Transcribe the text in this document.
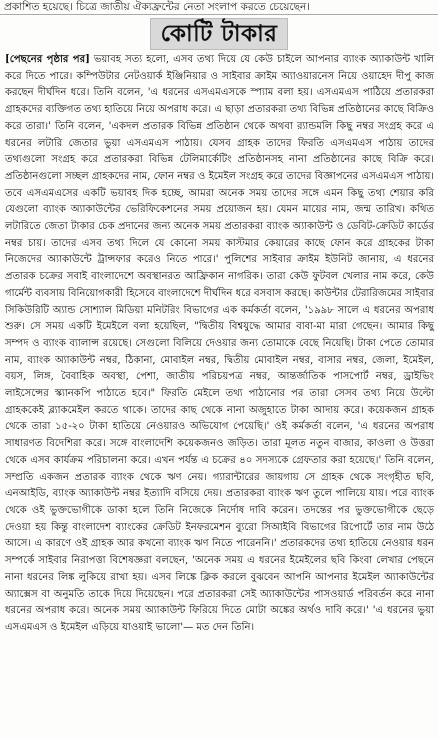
প্রকাশিত হয়েছে। চিত্রে জাতীয় ঐক্যফ্রন্টের নেতা সংলাপ করতে চেয়েছেন।
কোটি টাকার
[পেছনের পৃষ্ঠার পর] ভয়াবহ সত্য হলো, এসব তথ্য দিয়ে যে কেউ চাইলে আপনার ব্যাংক অ্যাকাউন্ট খালি করে দিতে পারে। কম্পিউটার নেটওয়ার্ক ইঞ্জিনিয়ার ও সাইবার ক্রাইম অ্যাওয়ারনেস নিয়ে ওয়াহেদ দীপু কাজ করছেন দীর্ঘদিন ধরে। তিনি বলেন, 'এ ধরনের এসএমএসকে স্প্যাম বলা হয়। এসএমএস পাঠিয়ে প্রতারকরা গ্রাহকদের ব্যক্তিগত তথ্য হাতিয়ে নিয়ে অপরাধ করে। এ ছাড়া প্রতারকরা তথ্য বিভিন্ন প্রতিষ্ঠানের কাছে বিক্রিও করে তারা।' তিনি বলেন, 'একদল প্রতারক বিভিন্ন প্রতিষ্ঠান থেকে অথবা র‍্যান্ডমলি কিছু নম্বর সংগ্রহ করে এ ধরনের লটারি জেতার ভুয়া এসএমএস পাঠায়। যেসব গ্রাহক তাদের ফিরতি এসএমএস পাঠায় তাদের তথ্যগুলো সংগ্রহ করে প্রতারকরা বিভিন্ন টেলিমার্কেটিং প্রতিষ্ঠানসহ নানা প্রতিষ্ঠানের কাছে বিক্রি করে। প্রতিষ্ঠানগুলো সচ্ছল গ্রাহকদের নাম, ফোন নম্বর ও ইমেইল সংগ্রহ করে তাদের বিজ্ঞাপনের এসএমএস পাঠায়। তবে এসএমএসের একটি ভয়াবহ দিক হচ্ছে, আমরা অনেক সময় তাদের সঙ্গে এমন কিছু তথ্য শেয়ার করি যেগুলো ব্যাংক অ্যাকাউন্টের ভেরিফিকেশনের সময় প্রয়োজন হয়। যেমন মায়ের নাম, জন্ম তারিখ। কথিত লটারিতে জেতা টাকার চেক প্রদানের জন্য অনেক সময় প্রতারকরা ব্যাংক অ্যাকাউন্ট ও ডেবিট-ক্রেডিট কার্ডের নম্বর চায়। তাদের এসব তথ্য দিলে যে কোনো সময় কাস্টমার কেয়ারের কাছে ফোন করে গ্রাহকের টাকা নিজেদের অ্যাকাউন্টে ট্রান্সফার করেও নিতে পারে।' পুলিশের সাইবার ক্রাইম ইউনিট জানায়, এ ধরনের প্রতারক চক্রের সবাই বাংলাদেশে অবস্থানরত আফ্রিকান নাগরিক। তারা কেউ ফুটবল খেলার নাম করে, কেউ গার্মেন্ট ব্যবসায় বিনিয়োগকারী হিসেবে বাংলাদেশে দীর্ঘদিন ধরে বসবাস করছে। কাউন্টার টেরারিজমের সাইবার সিকিউরিটি অ্যান্ড সোশ্যাল মিডিয়া মনিটরিং বিভাগের এক কর্মকর্তা বলেন, '১৯৯৮ সালে এ ধরনের অপরাধ শুরু। সে সময় একটি ইমেইলে বলা হয়েছিল, "দ্বিতীয় বিশ্বযুদ্ধে আমার বাবা-মা মারা গেছেন। আমার কিছু সম্পদ ও ব্যাংক ব্যালান্স রয়েছে। সেগুলো বিলিয়ে দেওয়ার জন্য তোমাকে বেছে নিয়েছি। টাকা পেতে তোমার নাম, ব্যাংক অ্যাকাউন্ট নম্বর, ঠিকানা, মোবাইল নম্বর, দ্বিতীয় মোবাইল নম্বর, বাসার নম্বর, জেলা, ইমেইল, বয়স, লিঙ্গ, বৈবাহিক অবস্থা, পেশা, জাতীয় পরিচয়পত্র নম্বর, আন্তর্জাতিক পাসপোর্ট নম্বর, ড্রাইভিং লাইসেন্সের স্ক্যানকপি পাঠাতে হবে।" ফিরতি মেইলে তথ্য পাঠানোর পর তারা সেসব তথ্য নিয়ে উল্টো গ্রাহককেই ব্ল্যাকমেইল করতে থাকে। তাদের কাছ থেকে নানা অজুহাতে টাকা আদায় করে। কয়েকজন গ্রাহক থেকে তারা ১৫-২০ টাকা হাতিয়ে নেওয়ারও অভিযোগ পেয়েছি।' ওই কর্মকর্তা বলেন, 'এ ধরনের অপরাধ সাধারণত বিদেশিরা করে। সঙ্গে বাংলাদেশি কয়েকজনও জড়িত। তারা মূলত নতুন বাজার, কাওলা ও উত্তরা থেকে এসব কার্যক্রম পরিচালনা করে। এখন পর্যন্ত এ চক্রের ৪০ সদস্যকে গ্রেফতার করা হয়েছে।' তিনি বলেন, সম্প্রতি একজন প্রতারক ব্যাংক থেকে ঋণ নেয়। গ্যারান্টারের জায়গায় সে গ্রাহক থেকে সংগৃহীত ছবি, এনআইডি, ব্যাংক অ্যাকাউন্ট নম্বর ইত্যাদি বসিয়ে দেয়। প্রতারকরা ব্যাংক ঋণ তুলে পালিয়ে যায়। পরে ব্যাংক থেকে ওই ভুক্তভোগীকে ডাকা হলে তিনি নিজেকে নির্দোষ দাবি করেন। তদন্তের পর ভুক্তভোগীকে ছেড়ে দেওয়া হয় কিন্তু বাংলাদেশ ব্যাংকের ক্রেডিট ইনফরমেশন ব্যুরো সিআইবি বিভাগের রিপোর্টে তার নাম উঠে আসে। এ কারণে ওই গ্রাহক আর কখনো ব্যাংক ঋণ নিতে পারেননি।' প্রতারকদের তথ্য হাতিয়ে নেওয়ার ধরন সম্পর্কে সাইবার নিরাপত্তা বিশেষজ্ঞরা বলছেন, 'অনেক সময় এ ধরনের ইমেইলের ছবি কিংবা লেখার পেছনে নানা ধরনের লিঙ্ক লুকিয়ে রাখা হয়। এসব লিঙ্কে ক্লিক করলে বুঝবেন আপনি আপনার ইমেইল অ্যাকাউন্টের অ্যাক্সেস বা অনুমতি তাকে দিয়ে দিয়েছেন। পরে প্রতারকরা সেই অ্যাকাউন্টের পাসওয়ার্ড পরিবর্তন করে নানা ধরনের অপরাধ করে। অনেক সময় অ্যাকাউন্ট ফিরিয়ে দিতে মোটা অঙ্কের অর্থও দাবি করে।' 'এ ধরনের ভুয়া এসএমএস ও ইমেইল এড়িয়ে যাওয়াই ভালো'— মত দেন তিনি।
